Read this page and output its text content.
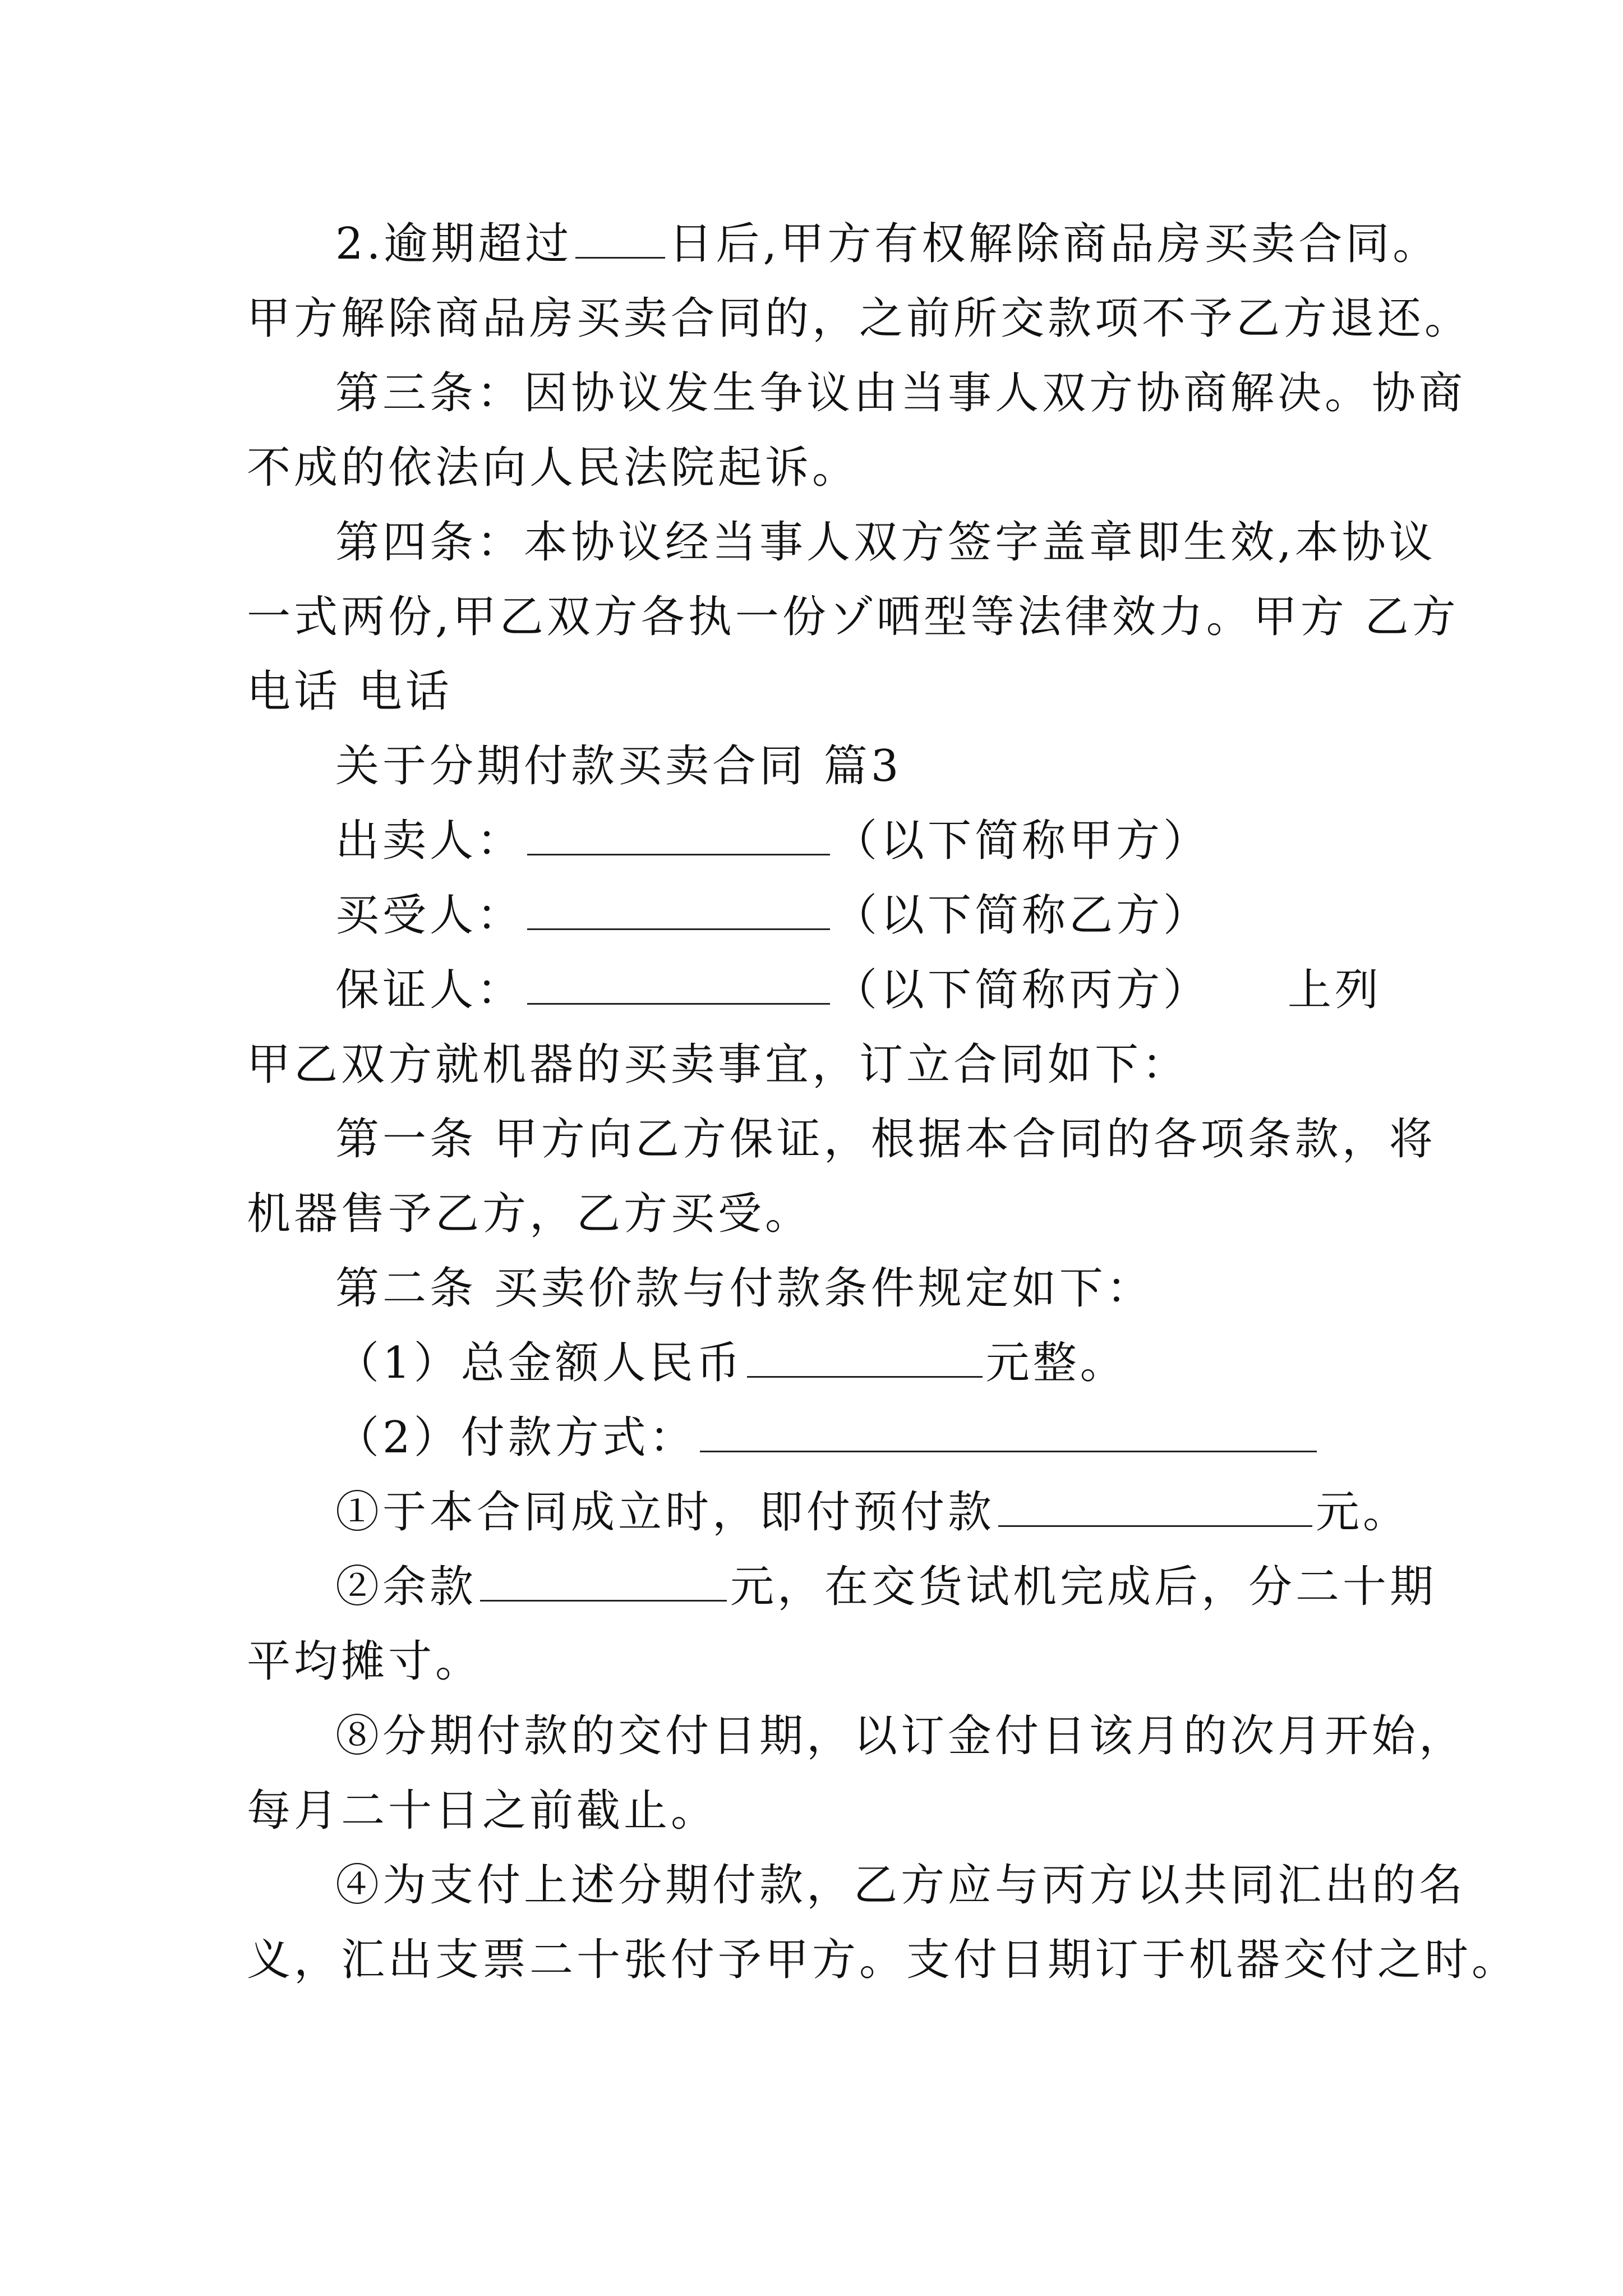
2.逾期超过 日后,甲方有权解除商品房买卖合同。
甲方解除商品房买卖合同的，之前所交款项不予乙方退还。
第三条：因协议发生争议由当事人双方协商解决。协商
不成的依法向人民法院起诉。
第四条：本协议经当事人双方签字盖章即生效,本协议
一式两份,甲乙双方各执一份ゾ哂型等法律效力。甲方 乙方
电话 电话
关于分期付款买卖合同 篇3
出卖人：	（以下简称甲方）
买受人：	（以下简称乙方）
保证人：	（以下简称丙方） 上列
甲乙双方就机器的买卖事宜，订立合同如下：
第一条 甲方向乙方保证，根据本合同的各项条款，将
机器售予乙方，乙方买受。
第二条 买卖价款与付款条件规定如下：
（1）总金额人民币	元整。
（2）付款方式：
①于本合同成立时，即付预付款	元。
②余款	元，在交货试机完成后，分二十期
平均摊寸。
⑧分期付款的交付日期，以订金付日该月的次月开始，
每月二十日之前截止。
④为支付上述分期付款，乙方应与丙方以共同汇出的名
义，汇出支票二十张付予甲方。支付日期订于机器交付之时。
